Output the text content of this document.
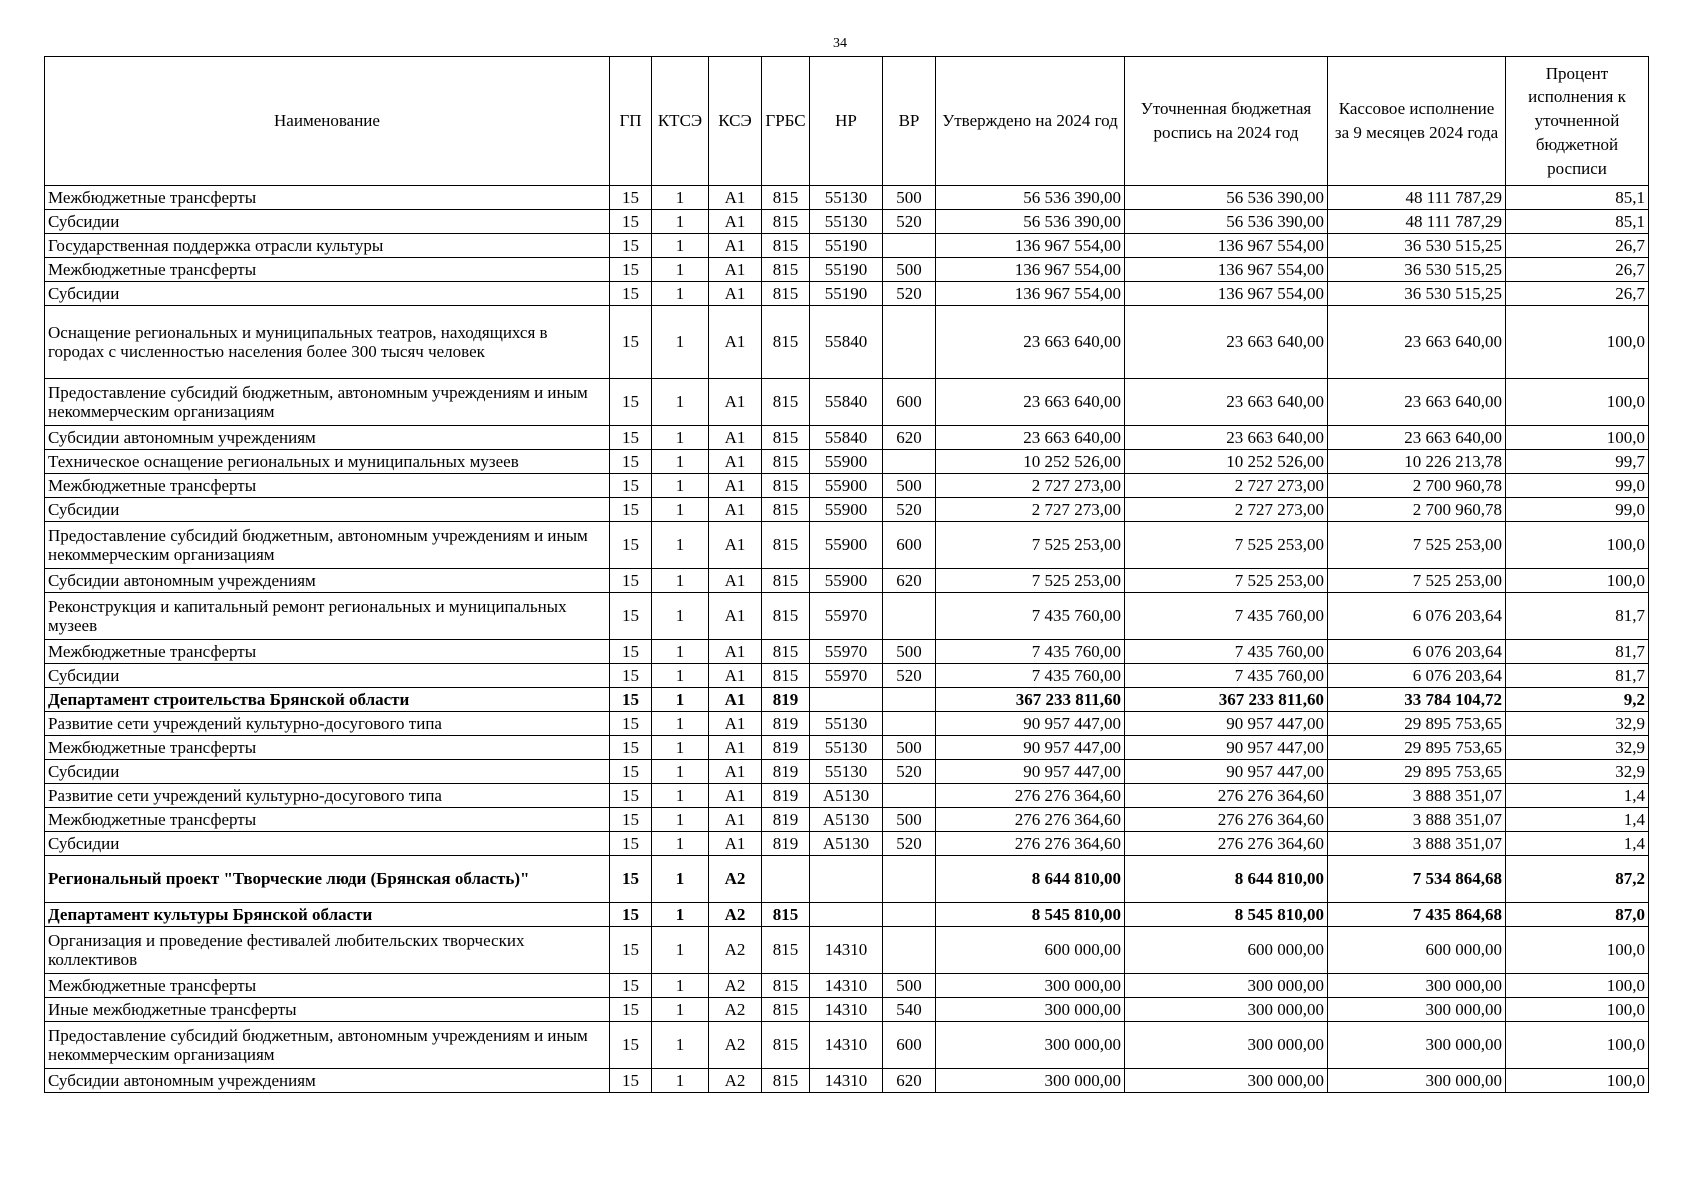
34
Наименование	ГП	КТСЭ	КСЭ	ГРБС	НР	ВР	Утверждено на 2024 год	Уточненная бюджетная роспись на 2024 год	Кассовое исполнение за 9 месяцев 2024 года	Процент исполнения к уточненной бюджетной росписи
Межбюджетные трансферты	15	1	А1	815	55130	500	56 536 390,00	56 536 390,00	48 111 787,29	85,1
Субсидии	15	1	А1	815	55130	520	56 536 390,00	56 536 390,00	48 111 787,29	85,1
Государственная поддержка отрасли культуры	15	1	А1	815	55190		136 967 554,00	136 967 554,00	36 530 515,25	26,7
Межбюджетные трансферты	15	1	А1	815	55190	500	136 967 554,00	136 967 554,00	36 530 515,25	26,7
Субсидии	15	1	А1	815	55190	520	136 967 554,00	136 967 554,00	36 530 515,25	26,7
Оснащение региональных и муниципальных театров, находящихся в городах с численностью населения более 300 тысяч человек	15	1	А1	815	55840		23 663 640,00	23 663 640,00	23 663 640,00	100,0
Предоставление субсидий бюджетным, автономным учреждениям и иным некоммерческим организациям	15	1	А1	815	55840	600	23 663 640,00	23 663 640,00	23 663 640,00	100,0
Субсидии автономным учреждениям	15	1	А1	815	55840	620	23 663 640,00	23 663 640,00	23 663 640,00	100,0
Техническое оснащение региональных и муниципальных музеев	15	1	А1	815	55900		10 252 526,00	10 252 526,00	10 226 213,78	99,7
Межбюджетные трансферты	15	1	А1	815	55900	500	2 727 273,00	2 727 273,00	2 700 960,78	99,0
Субсидии	15	1	А1	815	55900	520	2 727 273,00	2 727 273,00	2 700 960,78	99,0
Предоставление субсидий бюджетным, автономным учреждениям и иным некоммерческим организациям	15	1	А1	815	55900	600	7 525 253,00	7 525 253,00	7 525 253,00	100,0
Субсидии автономным учреждениям	15	1	А1	815	55900	620	7 525 253,00	7 525 253,00	7 525 253,00	100,0
Реконструкция и капитальный ремонт региональных и муниципальных музеев	15	1	А1	815	55970		7 435 760,00	7 435 760,00	6 076 203,64	81,7
Межбюджетные трансферты	15	1	А1	815	55970	500	7 435 760,00	7 435 760,00	6 076 203,64	81,7
Субсидии	15	1	А1	815	55970	520	7 435 760,00	7 435 760,00	6 076 203,64	81,7
Департамент строительства Брянской области	15	1	А1	819			367 233 811,60	367 233 811,60	33 784 104,72	9,2
Развитие сети учреждений культурно-досугового типа	15	1	А1	819	55130		90 957 447,00	90 957 447,00	29 895 753,65	32,9
Межбюджетные трансферты	15	1	А1	819	55130	500	90 957 447,00	90 957 447,00	29 895 753,65	32,9
Субсидии	15	1	А1	819	55130	520	90 957 447,00	90 957 447,00	29 895 753,65	32,9
Развитие сети учреждений культурно-досугового типа	15	1	А1	819	А5130		276 276 364,60	276 276 364,60	3 888 351,07	1,4
Межбюджетные трансферты	15	1	А1	819	А5130	500	276 276 364,60	276 276 364,60	3 888 351,07	1,4
Субсидии	15	1	А1	819	А5130	520	276 276 364,60	276 276 364,60	3 888 351,07	1,4
Региональный проект "Творческие люди (Брянская область)"	15	1	А2				8 644 810,00	8 644 810,00	7 534 864,68	87,2
Департамент культуры Брянской области	15	1	А2	815			8 545 810,00	8 545 810,00	7 435 864,68	87,0
Организация и проведение фестивалей любительских творческих коллективов	15	1	А2	815	14310		600 000,00	600 000,00	600 000,00	100,0
Межбюджетные трансферты	15	1	А2	815	14310	500	300 000,00	300 000,00	300 000,00	100,0
Иные межбюджетные трансферты	15	1	А2	815	14310	540	300 000,00	300 000,00	300 000,00	100,0
Предоставление субсидий бюджетным, автономным учреждениям и иным некоммерческим организациям	15	1	А2	815	14310	600	300 000,00	300 000,00	300 000,00	100,0
Субсидии автономным учреждениям	15	1	А2	815	14310	620	300 000,00	300 000,00	300 000,00	100,0
